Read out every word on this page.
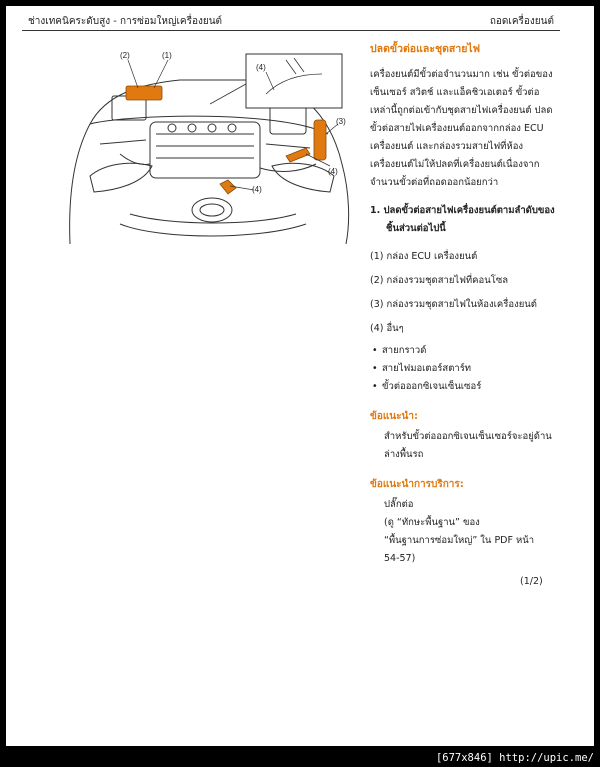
ช่างเทคนิคระดับสูง - การซ่อมใหญ่เครื่องยนต์	ถอดเครื่องยนต์
(2)	(1)
(3)
(4)
(4)
(4)
ปลดขั้วต่อและชุดสายไฟ
เครื่องยนต์มีขั้วต่อจำนวนมาก เช่น ขั้วต่อของเซ็นเซอร์ สวิตช์ และแอ็คชิวเอเตอร์ ขั้วต่อเหล่านี้ถูกต่อเข้ากับชุดสายไฟเครื่องยนต์ ปลดขั้วต่อสายไฟเครื่องยนต์ออกจากกล่อง ECU เครื่องยนต์ และกล่องรวมสายไฟที่ห้องเครื่องยนต์ไม่ให้ปลดที่เครื่องยนต์เนื่องจากจำนวนขั้วต่อที่ถอดออกน้อยกว่า
1. ปลดขั้วต่อสายไฟเครื่องยนต์ตามลำดับของชิ้นส่วนต่อไปนี้
(1) กล่อง ECU เครื่องยนต์
(2) กล่องรวมชุดสายไฟที่คอนโซล
(3) กล่องรวมชุดสายไฟในห้องเครื่องยนต์
(4) อื่นๆ
• สายกราวด์
• สายไฟมอเตอร์สตาร์ท
• ขั้วต่อออกซิเจนเซ็นเซอร์
ข้อแนะนำ:
สำหรับขั้วต่อออกซิเจนเซ็นเซอร์จะอยู่ด้านล่างพื้นรถ
ข้อแนะนำการบริการ:
ปลั๊กต่อ
(ดู “ทักษะพื้นฐาน” ของ
“พื้นฐานการซ่อมใหญ่” ใน PDF หน้า
54-57)
(1/2)
[677x846] http://upic.me/
